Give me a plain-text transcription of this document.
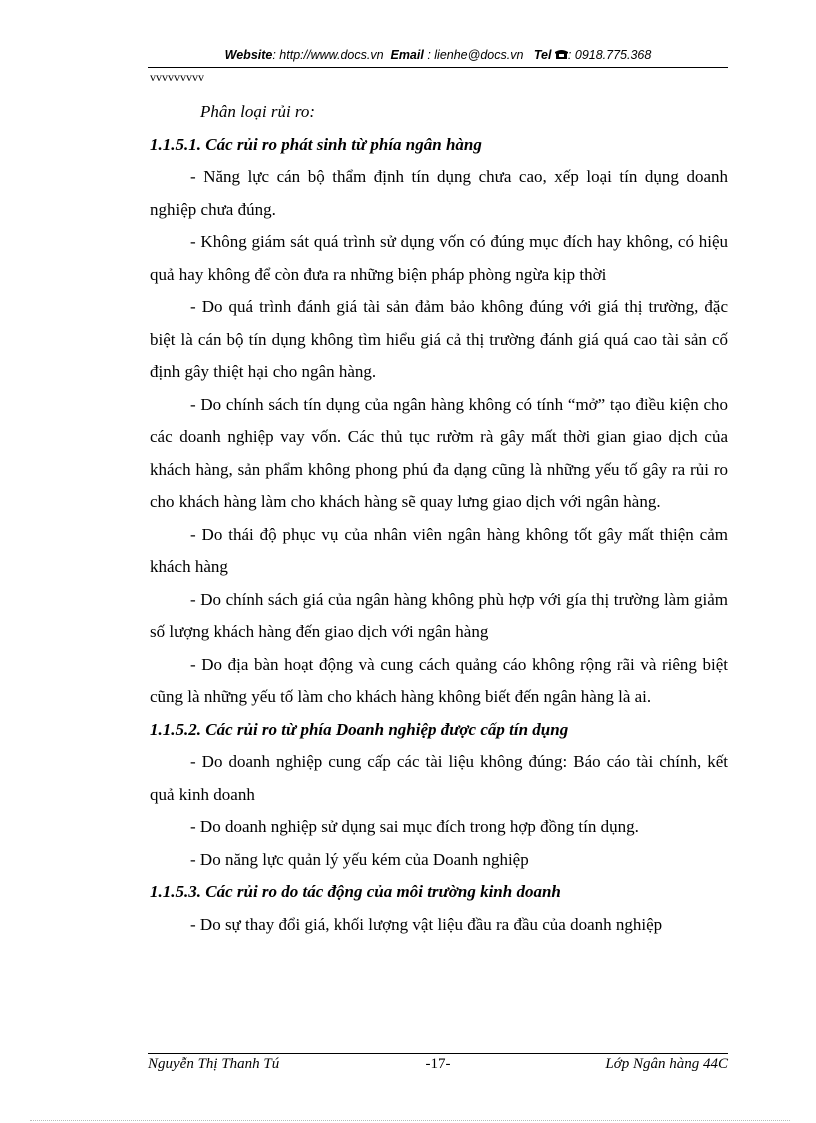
Website: http://www.docs.vn Email : lienhe@docs.vn Tel : 0918.775.368
vvvvvvvvv

Phân loại rủi ro:

1.1.5.1. Các rủi ro phát sinh từ phía ngân hàng

- Năng lực cán bộ thẩm định tín dụng chưa cao, xếp loại tín dụng doanh nghiệp chưa đúng.

- Không giám sát quá trình sử dụng vốn có đúng mục đích hay không, có hiệu quả hay không để còn đưa ra những biện pháp phòng ngừa kịp thời

- Do quá trình đánh giá tài sản đảm bảo không đúng với giá thị trường, đặc biệt là cán bộ tín dụng không tìm hiểu giá cả thị trường đánh giá quá cao tài sản cố định gây thiệt hại cho ngân hàng.

- Do chính sách tín dụng của ngân hàng không có tính “mở” tạo điều kiện cho các doanh nghiệp vay vốn. Các thủ tục rườm rà gây mất thời gian giao dịch của khách hàng, sản phẩm không phong phú đa dạng cũng là những yếu tố gây ra rủi ro cho khách hàng làm cho khách hàng sẽ quay lưng giao dịch với ngân hàng.

- Do thái độ phục vụ của nhân viên ngân hàng không tốt gây mất thiện cảm khách hàng

- Do chính sách giá của ngân hàng không phù hợp với gía thị trường làm giảm số lượng khách hàng đến giao dịch với ngân hàng

- Do địa bàn hoạt động và cung cách quảng cáo không rộng rãi và riêng biệt cũng là những yếu tố làm cho khách hàng không biết đến ngân hàng là ai.

1.1.5.2. Các rủi ro từ phía Doanh nghiệp được cấp tín dụng

- Do doanh nghiệp cung cấp các tài liệu không đúng: Báo cáo tài chính, kết quả kinh doanh

- Do doanh nghiệp sử dụng sai mục đích trong hợp đồng tín dụng.

- Do năng lực quản lý yếu kém của Doanh nghiệp

1.1.5.3. Các rủi ro do tác động của môi trường kinh doanh

- Do sự thay đổi giá, khối lượng vật liệu đầu ra đầu của doanh nghiệp

Nguyễn Thị Thanh Tú	-17-	Lớp Ngân hàng 44C
